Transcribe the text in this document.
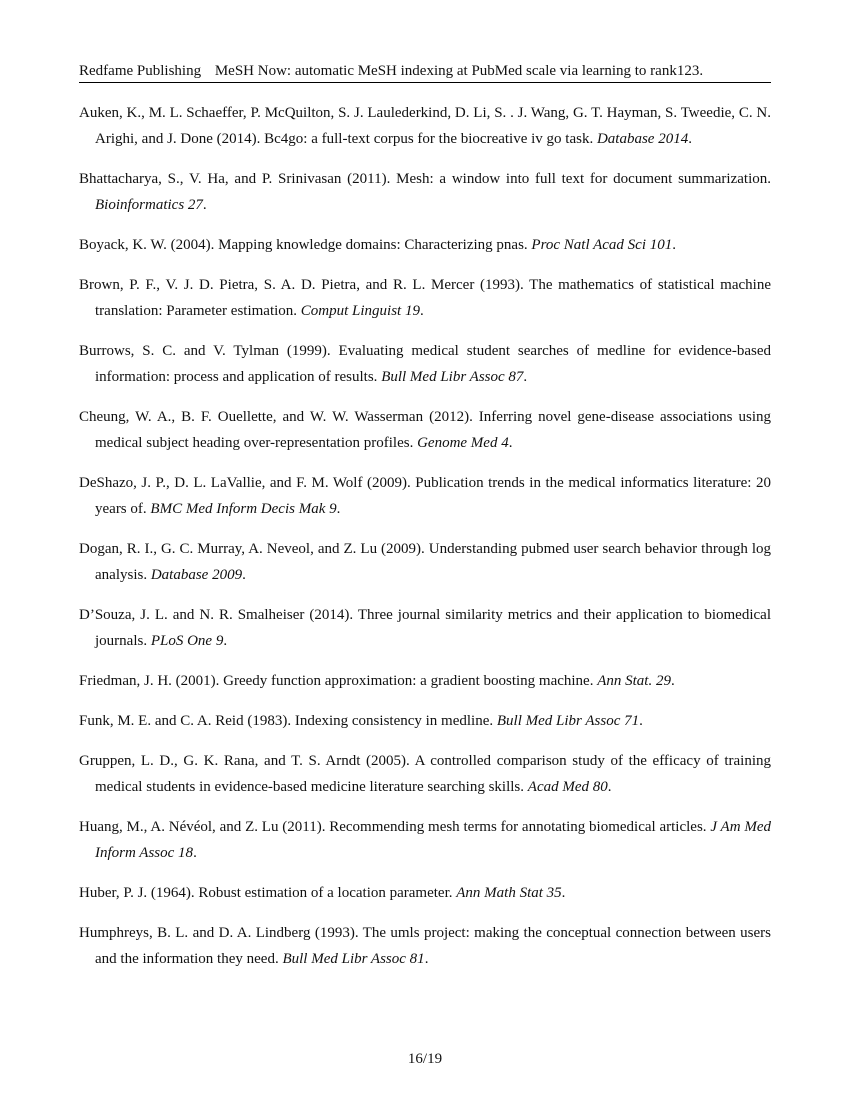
Redfame Publishing MeSH Now: automatic MeSH indexing at PubMed scale via learning to rank123.
Auken, K., M. L. Schaeffer, P. McQuilton, S. J. Laulederkind, D. Li, S. . J. Wang, G. T. Hayman, S. Tweedie, C. N. Arighi, and J. Done (2014). Bc4go: a full-text corpus for the biocreative iv go task. Database 2014.
Bhattacharya, S., V. Ha, and P. Srinivasan (2011). Mesh: a window into full text for document summarization. Bioinformatics 27.
Boyack, K. W. (2004). Mapping knowledge domains: Characterizing pnas. Proc Natl Acad Sci 101.
Brown, P. F., V. J. D. Pietra, S. A. D. Pietra, and R. L. Mercer (1993). The mathematics of statistical machine translation: Parameter estimation. Comput Linguist 19.
Burrows, S. C. and V. Tylman (1999). Evaluating medical student searches of medline for evidence-based information: process and application of results. Bull Med Libr Assoc 87.
Cheung, W. A., B. F. Ouellette, and W. W. Wasserman (2012). Inferring novel gene-disease associations using medical subject heading over-representation profiles. Genome Med 4.
DeShazo, J. P., D. L. LaVallie, and F. M. Wolf (2009). Publication trends in the medical informatics literature: 20 years of. BMC Med Inform Decis Mak 9.
Dogan, R. I., G. C. Murray, A. Neveol, and Z. Lu (2009). Understanding pubmed user search behavior through log analysis. Database 2009.
D’Souza, J. L. and N. R. Smalheiser (2014). Three journal similarity metrics and their application to biomedical journals. PLoS One 9.
Friedman, J. H. (2001). Greedy function approximation: a gradient boosting machine. Ann Stat. 29.
Funk, M. E. and C. A. Reid (1983). Indexing consistency in medline. Bull Med Libr Assoc 71.
Gruppen, L. D., G. K. Rana, and T. S. Arndt (2005). A controlled comparison study of the efficacy of training medical students in evidence-based medicine literature searching skills. Acad Med 80.
Huang, M., A. Névéol, and Z. Lu (2011). Recommending mesh terms for annotating biomedical articles. J Am Med Inform Assoc 18.
Huber, P. J. (1964). Robust estimation of a location parameter. Ann Math Stat 35.
Humphreys, B. L. and D. A. Lindberg (1993). The umls project: making the conceptual connection between users and the information they need. Bull Med Libr Assoc 81.
16/19
